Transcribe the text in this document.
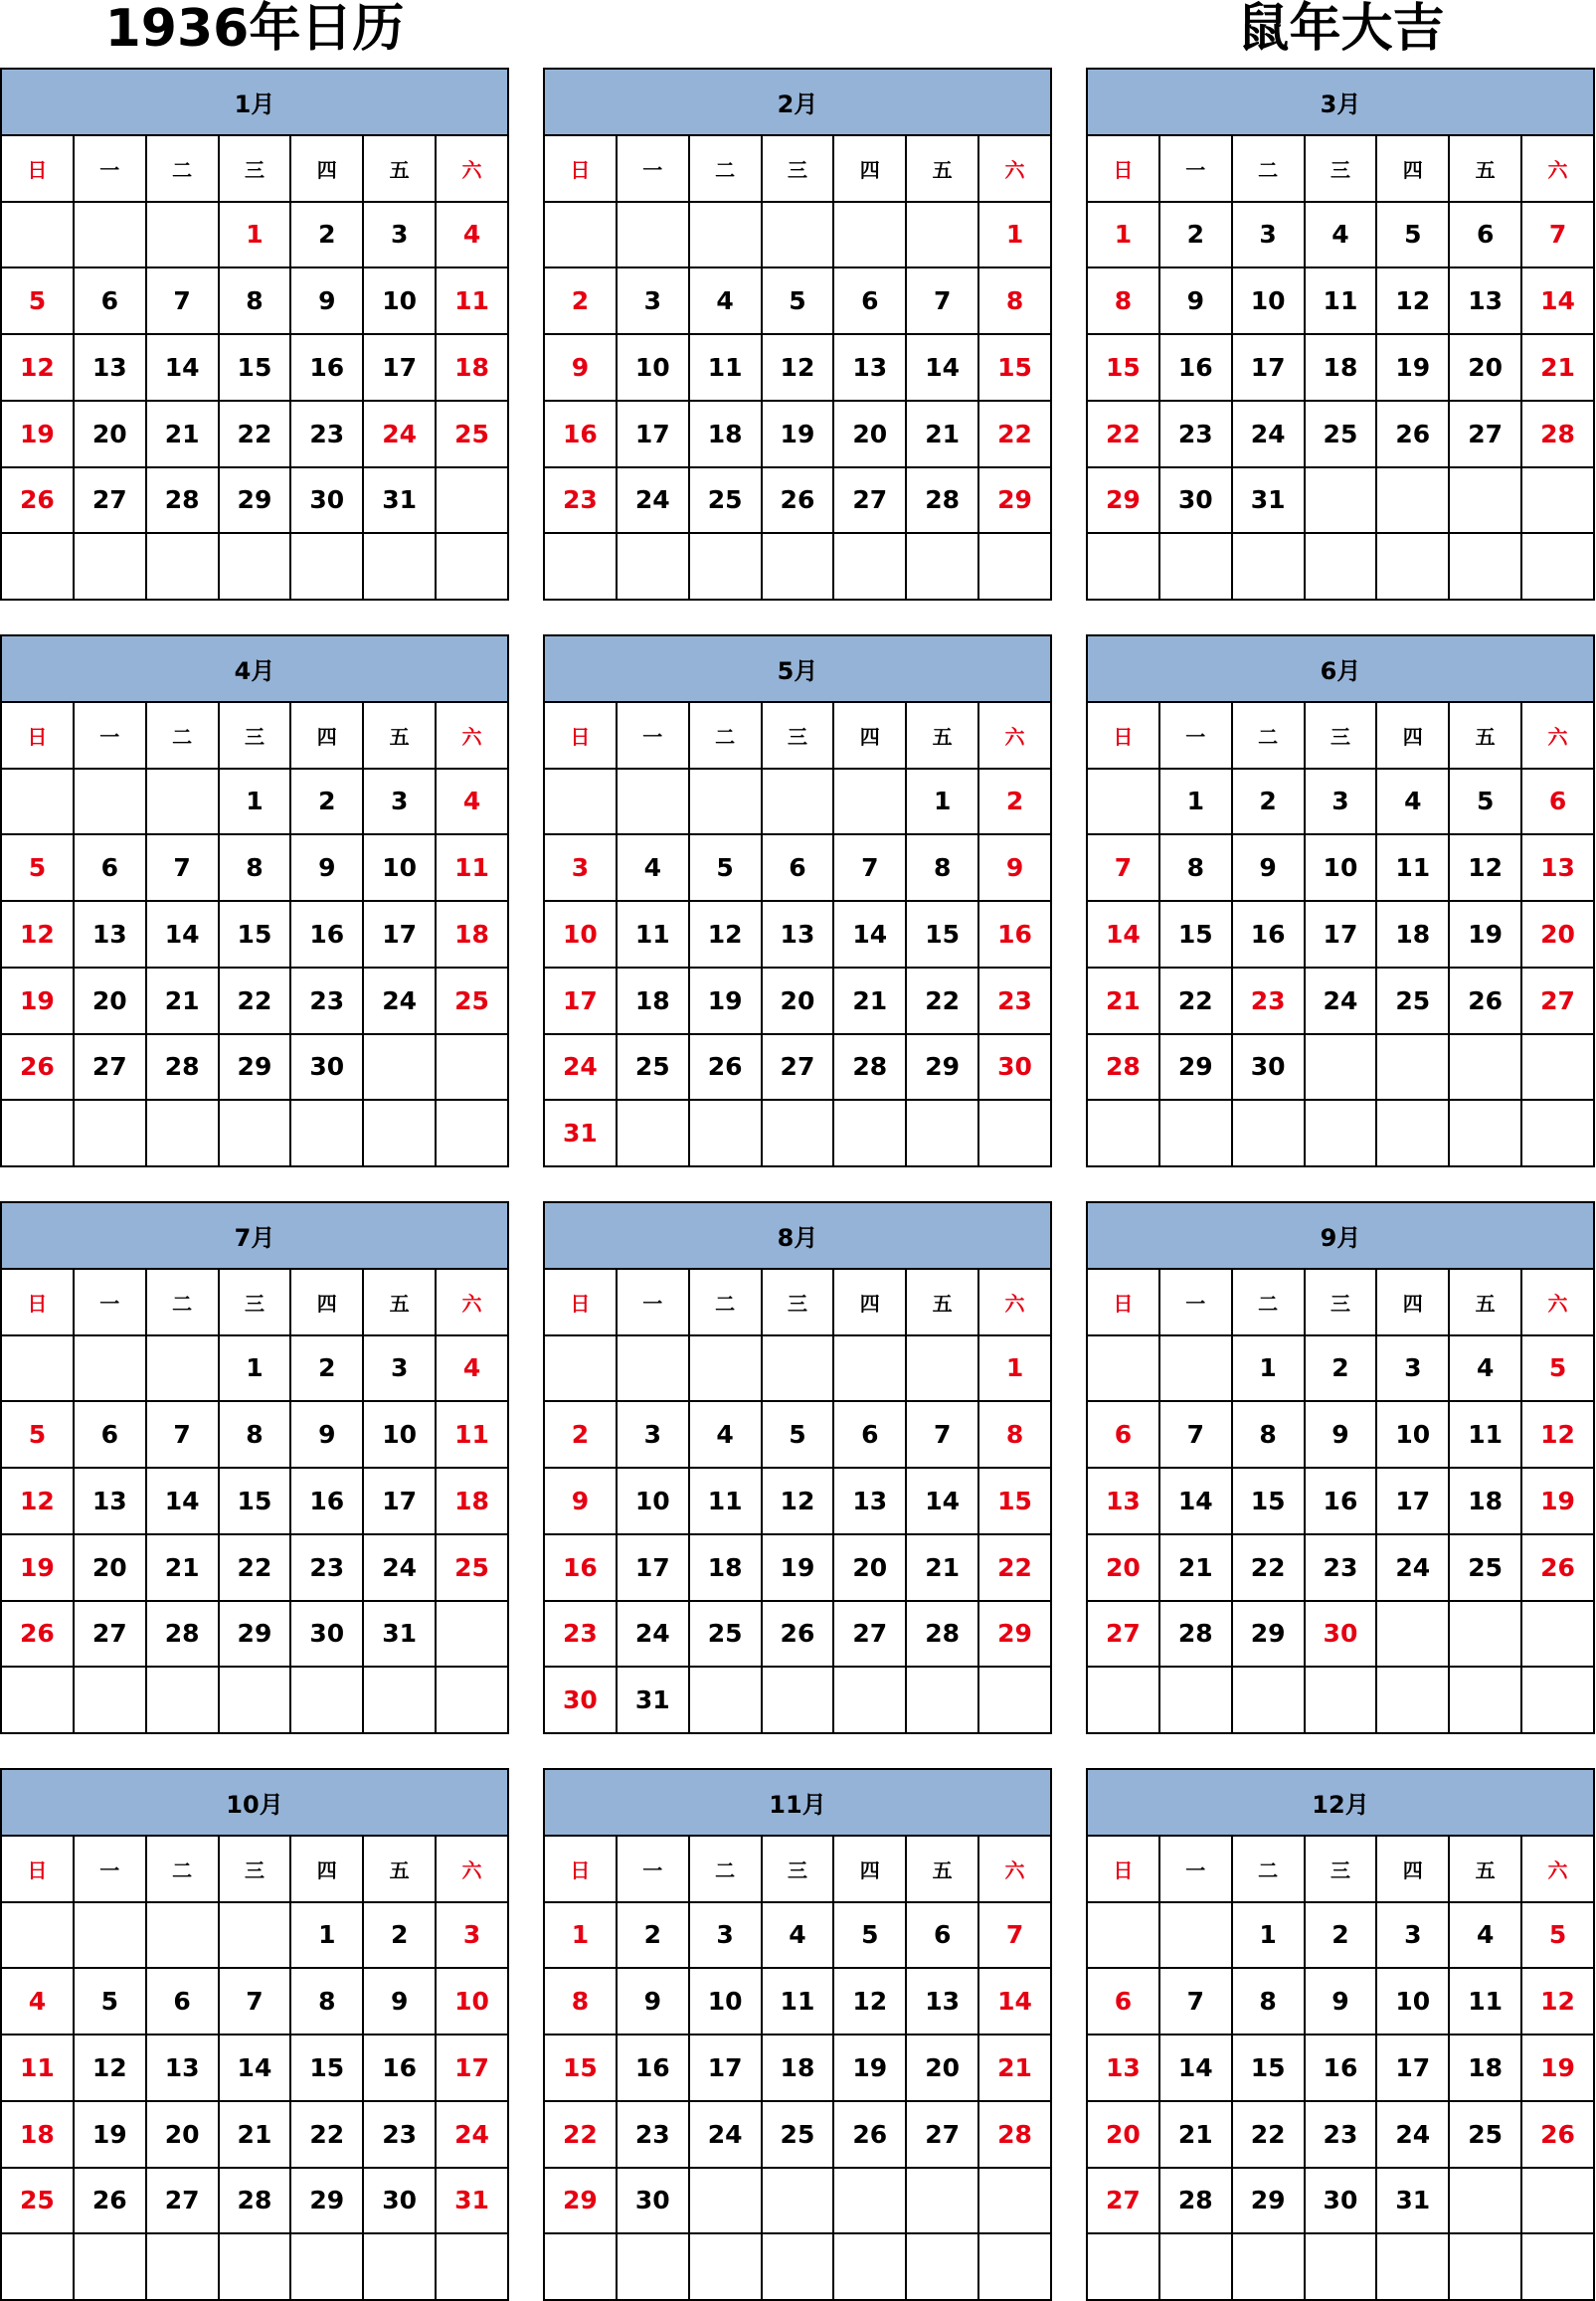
1936年日历	鼠年大吉
1月						
日	一	二	三	四	五	六
			1	2	3	4
5	6	7	8	9	10	11
12	13	14	15	16	17	18
19	20	21	22	23	24	25
26	27	28	29	30	31	

2月						
日	一	二	三	四	五	六
						1
2	3	4	5	6	7	8
9	10	11	12	13	14	15
16	17	18	19	20	21	22
23	24	25	26	27	28	29

3月						
日	一	二	三	四	五	六
1	2	3	4	5	6	7
8	9	10	11	12	13	14
15	16	17	18	19	20	21
22	23	24	25	26	27	28
29	30	31				

4月						
日	一	二	三	四	五	六
			1	2	3	4
5	6	7	8	9	10	11
12	13	14	15	16	17	18
19	20	21	22	23	24	25
26	27	28	29	30		

5月						
日	一	二	三	四	五	六
					1	2
3	4	5	6	7	8	9
10	11	12	13	14	15	16
17	18	19	20	21	22	23
24	25	26	27	28	29	30
31						
6月						
日	一	二	三	四	五	六
	1	2	3	4	5	6
7	8	9	10	11	12	13
14	15	16	17	18	19	20
21	22	23	24	25	26	27
28	29	30				

7月						
日	一	二	三	四	五	六
			1	2	3	4
5	6	7	8	9	10	11
12	13	14	15	16	17	18
19	20	21	22	23	24	25
26	27	28	29	30	31	

8月						
日	一	二	三	四	五	六
						1
2	3	4	5	6	7	8
9	10	11	12	13	14	15
16	17	18	19	20	21	22
23	24	25	26	27	28	29
30	31					
9月						
日	一	二	三	四	五	六
		1	2	3	4	5
6	7	8	9	10	11	12
13	14	15	16	17	18	19
20	21	22	23	24	25	26
27	28	29	30			

10月						
日	一	二	三	四	五	六
				1	2	3
4	5	6	7	8	9	10
11	12	13	14	15	16	17
18	19	20	21	22	23	24
25	26	27	28	29	30	31

11月						
日	一	二	三	四	五	六
1	2	3	4	5	6	7
8	9	10	11	12	13	14
15	16	17	18	19	20	21
22	23	24	25	26	27	28
29	30					

12月						
日	一	二	三	四	五	六
		1	2	3	4	5
6	7	8	9	10	11	12
13	14	15	16	17	18	19
20	21	22	23	24	25	26
27	28	29	30	31		
